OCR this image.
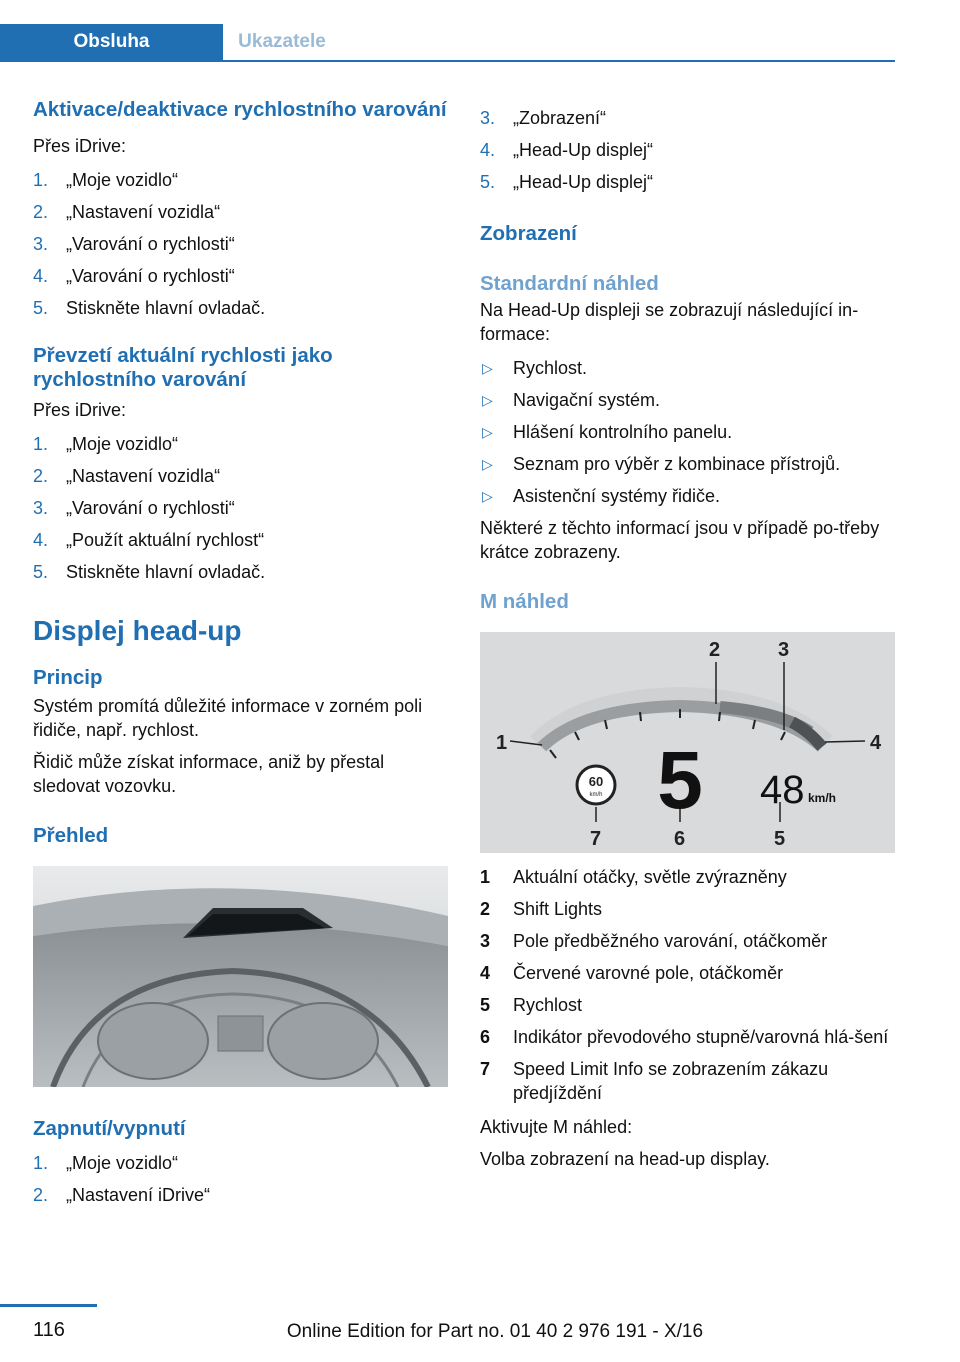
Obsluha	Ukazatele
Aktivace/deaktivace rychlostního varování

Přes iDrive:

1. „Moje vozidlo“
2. „Nastavení vozidla“
3. „Varování o rychlosti“
4. „Varování o rychlosti“
5. Stiskněte hlavní ovladač.
Převzetí aktuální rychlosti jako rychlostního varování

Přes iDrive:

1. „Moje vozidlo“
2. „Nastavení vozidla“
3. „Varování o rychlosti“
4. „Použít aktuální rychlost“
5. Stiskněte hlavní ovladač.
Displej head-up
Princip

Systém promítá důležité informace v zorném poli řidiče, např. rychlost.

Řidič může získat informace, aniž by přestal sledovat vozovku.

Přehled
Zapnutí/vypnutí
1. „Moje vozidlo“
2. „Nastavení iDrive“
3. „Zobrazení“
4. „Head-Up displej“
5. „Head-Up displej“
Zobrazení
Standardní náhled

Na Head-Up displeji se zobrazují následující in-formace:

▷ Rychlost.
▷ Navigační systém.
▷ Hlášení kontrolního panelu.
▷ Seznam pro výběr z kombinace přístrojů.
▷ Asistenční systémy řidiče.

Některé z těchto informací jsou v případě po-třeby krátce zobrazeny.

M náhled
1
2	3
4
5
6
7
60
km/h 5 48 km/h
1 Aktuální otáčky, světle zvýrazněny
2 Shift Lights
3 Pole předběžného varování, otáčkoměr
4 Červené varovné pole, otáčkoměr
5 Rychlost
6 Indikátor převodového stupně/varovná hlá-šení
7 Speed Limit Info se zobrazením zákazu předjíždění

Aktivujte M náhled:

Volba zobrazení na head-up display.

116	Online Edition for Part no. 01 40 2 976 191 - X/16
